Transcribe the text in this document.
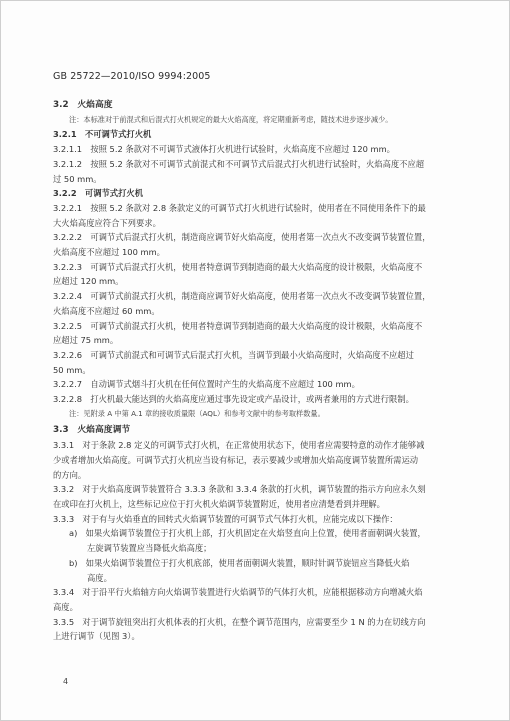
GB 25722—2010/ISO 9994:2005

3.2　火焰高度

注：本标准对于前混式和后混式打火机规定的最大火焰高度，将定期重新考虑，随技术进步逐步减少。

3.2.1　不可调节式打火机

3.2.1.1　按照 5.2 条款对不可调节式液体打火机进行试验时，火焰高度不应超过 120 mm。

3.2.1.2　按照 5.2 条款对不可调节式前混式和不可调节式后混式打火机进行试验时，火焰高度不应超

过 50 mm。

3.2.2　可调节式打火机

3.2.2.1　按照 5.2 条款对 2.8 条款定义的可调节式打火机进行试验时，使用者在不同使用条件下的最

大火焰高度应符合下列要求。

3.2.2.2　可调节式后混式打火机，制造商应调节好火焰高度，使用者第一次点火不改变调节装置位置，

火焰高度不应超过 100 mm。

3.2.2.3　可调节式后混式打火机，使用者特意调节到制造商的最大火焰高度的设计极限，火焰高度不

应超过 120 mm。

3.2.2.4　可调节式前混式打火机，制造商应调节好火焰高度，使用者第一次点火不改变调节装置位置，

火焰高度不应超过 60 mm。

3.2.2.5　可调节式前混式打火机，使用者特意调节到制造商的最大火焰高度的设计极限，火焰高度不

应超过 75 mm。

3.2.2.6　可调节式前混式和可调节式后混式打火机，当调节到最小火焰高度时，火焰高度不应超过

50 mm。

3.2.2.7　自动调节式烟斗打火机在任何位置时产生的火焰高度不应超过 100 mm。

3.2.2.8　打火机最大能达到的火焰高度应通过事先设定或产品设计，或两者兼用的方式进行限制。

注：见附录 A 中第 A.1 章的接收质量限（AQL）和参考文献中的参考取样数量。

3.3　火焰高度调节

3.3.1　对于条款 2.8 定义的可调节式打火机，在正常使用状态下，使用者应需要特意的动作才能够减

少或者增加火焰高度。可调节式打火机应当设有标记，表示要减少或增加火焰高度调节装置所需运动

的方向。

3.3.2　对于火焰高度调节装置符合 3.3.3 条款和 3.3.4 条款的打火机，调节装置的指示方向应永久刻

在或印在打火机上，这些标记应位于打火机火焰调节装置附近，使用者应清楚看到并理解。

3.3.3　对于有与火焰垂直的回转式火焰调节装置的可调节式气体打火机，应能完成以下操作：

a)　如果火焰调节装置位于打火机上部，打火机固定在火焰竖直向上位置，使用者面朝调火装置，

左旋调节装置应当降低火焰高度；

b)　如果火焰调节装置位于打火机底部，使用者面朝调火装置，顺时针调节旋钮应当降低火焰

高度。

3.3.4　对于沿平行火焰轴方向火焰调节装置进行火焰调节的气体打火机，应能根据移动方向增减火焰

高度。

3.3.5　对于调节旋钮突出打火机体表的打火机，在整个调节范围内，应需要至少 1 N 的力在切线方向

上进行调节（见图 3）。

4
